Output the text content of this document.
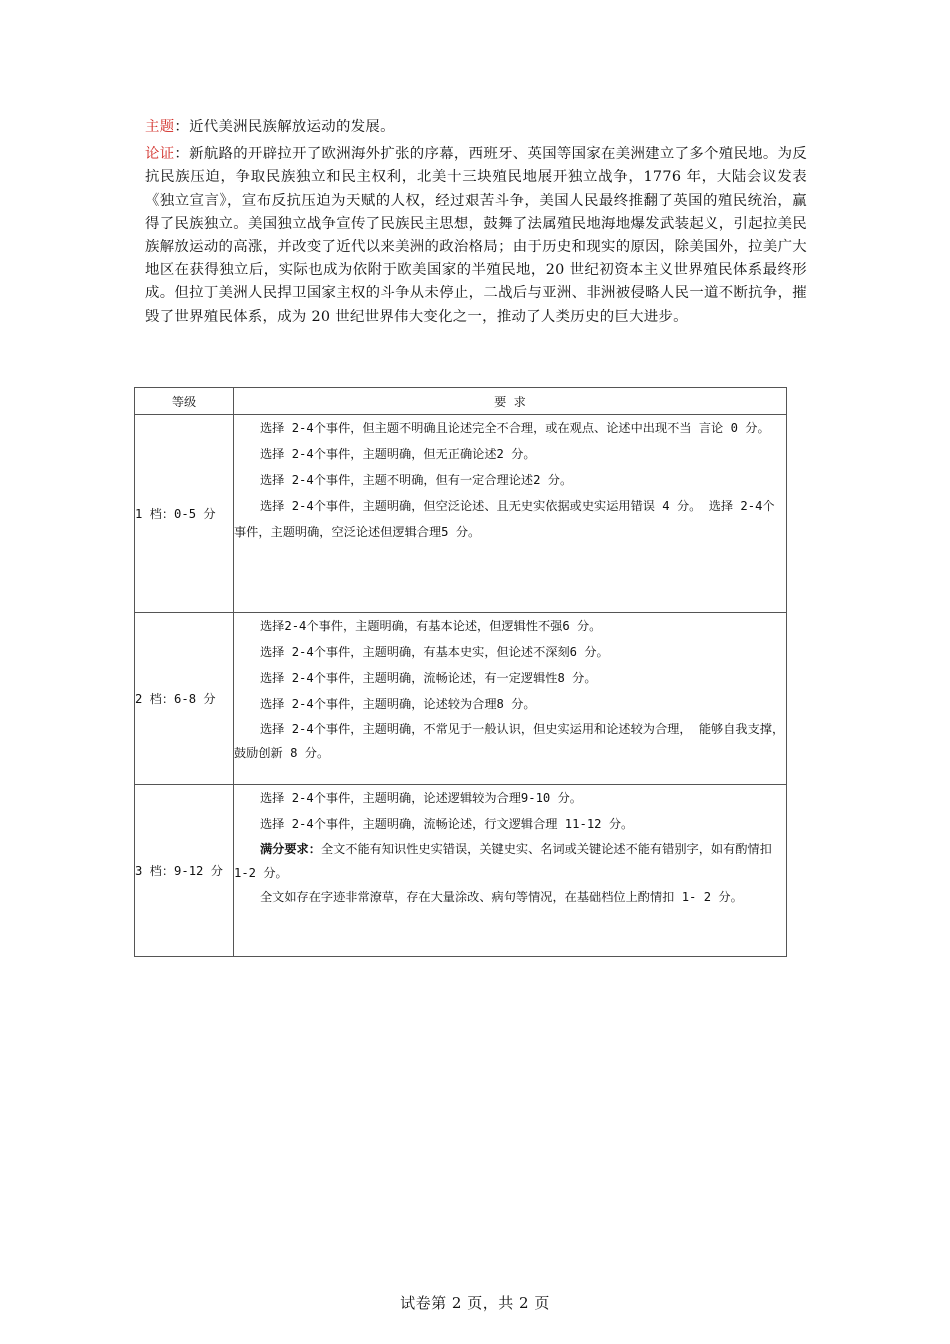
主题：近代美洲民族解放运动的发展。

论证：新航路的开辟拉开了欧洲海外扩张的序幕，西班牙、英国等国家在美洲建立了多个殖民地。为反抗民族压迫，争取民族独立和民主权利，北美十三块殖民地展开独立战争，1776 年，大陆会议发表《独立宣言》，宣布反抗压迫为天赋的人权，经过艰苦斗争，美国人民最终推翻了英国的殖民统治，赢得了民族独立。美国独立战争宣传了民族民主思想，鼓舞了法属殖民地海地爆发武装起义，引起拉美民族解放运动的高涨，并改变了近代以来美洲的政治格局；由于历史和现实的原因，除美国外，拉美广大地区在获得独立后，实际也成为依附于欧美国家的半殖民地，20 世纪初资本主义世界殖民体系最终形成。但拉丁美洲人民捍卫国家主权的斗争从未停止，二战后与亚洲、非洲被侵略人民一道不断抗争，摧毁了世界殖民体系，成为 20 世纪世界伟大变化之一，推动了人类历史的巨大进步。

等级	要 求
1 档：0-5 分	选择 2-4个事件，但主题不明确且论述完全不合理，或在观点、论述中出现不当 言论 0 分。

选择 2-4个事件，主题明确，但无正确论述2 分。

选择 2-4个事件，主题不明确，但有一定合理论述2 分。

选择 2-4个事件，主题明确，但空泛论述、且无史实依据或史实运用错误 4 分。 选择 2-4个事件，主题明确，空泛论述但逻辑合理5 分。

2 档：6-8 分	选择2-4个事件，主题明确，有基本论述，但逻辑性不强6 分。

选择 2-4个事件，主题明确，有基本史实，但论述不深刻6 分。

选择 2-4个事件，主题明确，流畅论述，有一定逻辑性8 分。

选择 2-4个事件，主题明确，论述较为合理8 分。

选择 2-4个事件，主题明确，不常见于一般认识，但史实运用和论述较为合理， 能够自我支撑，鼓励创新 8 分。

3 档：9-12 分	选择 2-4个事件，主题明确，论述逻辑较为合理9-10 分。

选择 2-4个事件，主题明确，流畅论述，行文逻辑合理 11-12 分。

满分要求：全文不能有知识性史实错误，关键史实、名词或关键论述不能有错别字，如有酌情扣 1-2 分。

全文如存在字迹非常潦草，存在大量涂改、病句等情况，在基础档位上酌情扣 1- 2 分。

试卷第 2 页，共 2 页
